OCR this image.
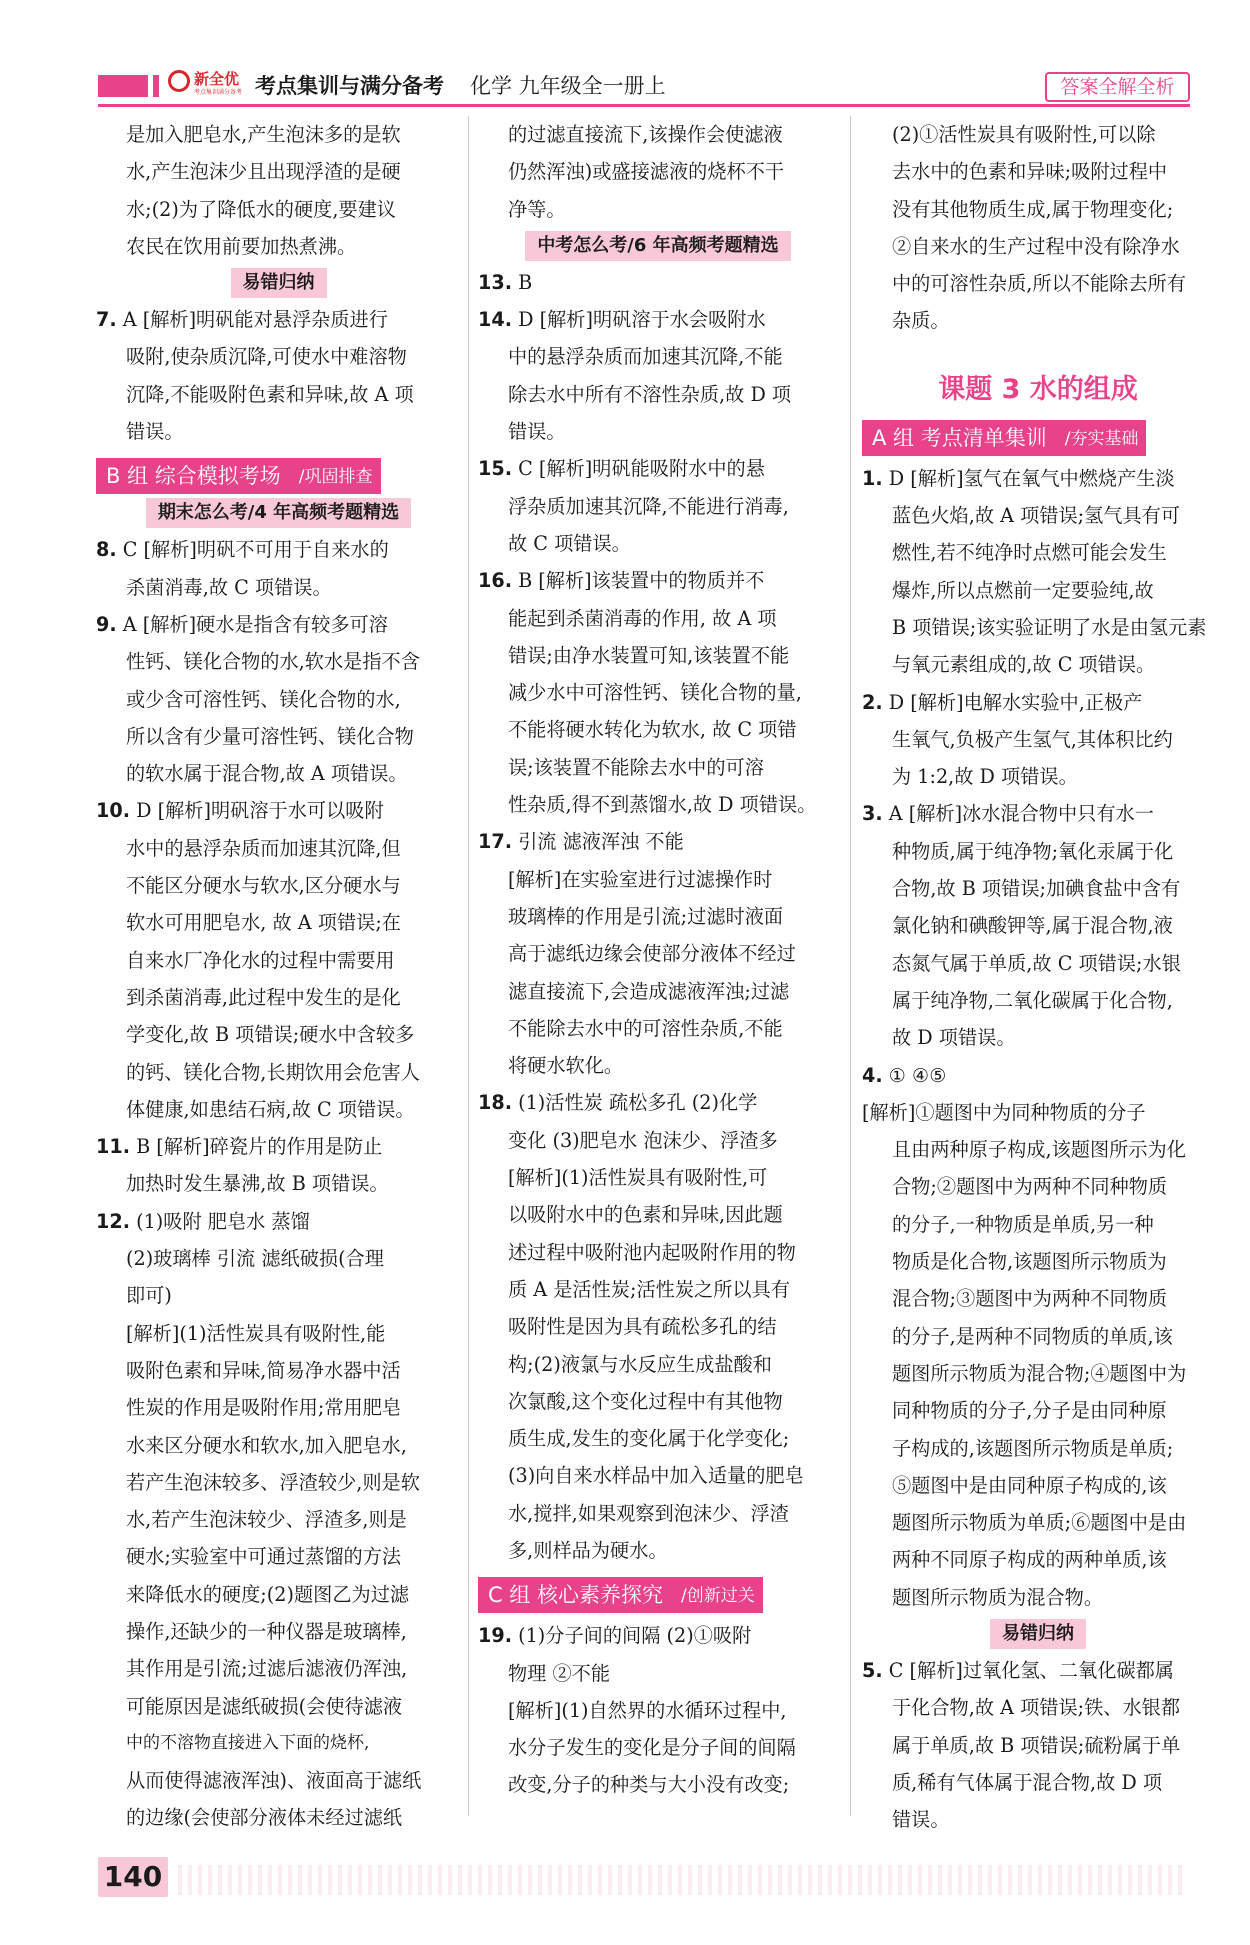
新全优
考点集训满分备考 考点集训与满分备考 化学 九年级全一册上	答案全解全析

是加入肥皂水,产生泡沫多的是软

水,产生泡沫少且出现浮渣的是硬

水;(2)为了降低水的硬度,要建议

农民在饮用前要加热煮沸。

易错归纳

7. A [解析]明矾能对悬浮杂质进行

吸附,使杂质沉降,可使水中难溶物

沉降,不能吸附色素和异味,故 A 项

错误。

B 组 综合模拟考场	/巩固排查
期末怎么考/4 年高频考题精选

8. C [解析]明矾不可用于自来水的

杀菌消毒,故 C 项错误。

9. A [解析]硬水是指含有较多可溶

性钙、镁化合物的水,软水是指不含

或少含可溶性钙、镁化合物的水,

所以含有少量可溶性钙、镁化合物

的软水属于混合物,故 A 项错误。

10. D [解析]明矾溶于水可以吸附

水中的悬浮杂质而加速其沉降,但

不能区分硬水与软水,区分硬水与

软水可用肥皂水, 故 A 项错误;在

自来水厂净化水的过程中需要用

到杀菌消毒,此过程中发生的是化

学变化,故 B 项错误;硬水中含较多

的钙、镁化合物,长期饮用会危害人

体健康,如患结石病,故 C 项错误。

11. B [解析]碎瓷片的作用是防止

加热时发生暴沸,故 B 项错误。

12. (1)吸附 肥皂水 蒸馏

(2)玻璃棒 引流 滤纸破损(合理

即可)

[解析](1)活性炭具有吸附性,能

吸附色素和异味,简易净水器中活

性炭的作用是吸附作用;常用肥皂

水来区分硬水和软水,加入肥皂水,

若产生泡沫较多、浮渣较少,则是软

水,若产生泡沫较少、浮渣多,则是

硬水;实验室中可通过蒸馏的方法

来降低水的硬度;(2)题图乙为过滤

操作,还缺少的一种仪器是玻璃棒,

其作用是引流;过滤后滤液仍浑浊,

可能原因是滤纸破损(会使待滤液

中的不溶物直接进入下面的烧杯,

从而使得滤液浑浊)、液面高于滤纸

的边缘(会使部分液体未经过滤纸

的过滤直接流下,该操作会使滤液

仍然浑浊)或盛接滤液的烧杯不干

净等。

中考怎么考/6 年高频考题精选

13. B

14. D [解析]明矾溶于水会吸附水

中的悬浮杂质而加速其沉降,不能

除去水中所有不溶性杂质,故 D 项

错误。

15. C [解析]明矾能吸附水中的悬

浮杂质加速其沉降,不能进行消毒,

故 C 项错误。

16. B [解析]该装置中的物质并不

能起到杀菌消毒的作用, 故 A 项

错误;由净水装置可知,该装置不能

减少水中可溶性钙、镁化合物的量,

不能将硬水转化为软水, 故 C 项错

误;该装置不能除去水中的可溶

性杂质,得不到蒸馏水,故 D 项错误。

17. 引流 滤液浑浊 不能

[解析]在实验室进行过滤操作时

玻璃棒的作用是引流;过滤时液面

高于滤纸边缘会使部分液体不经过

滤直接流下,会造成滤液浑浊;过滤

不能除去水中的可溶性杂质,不能

将硬水软化。

18. (1)活性炭 疏松多孔 (2)化学

变化 (3)肥皂水 泡沫少、浮渣多

[解析](1)活性炭具有吸附性,可

以吸附水中的色素和异味,因此题

述过程中吸附池内起吸附作用的物

质 A 是活性炭;活性炭之所以具有

吸附性是因为具有疏松多孔的结

构;(2)液氯与水反应生成盐酸和

次氯酸,这个变化过程中有其他物

质生成,发生的变化属于化学变化;

(3)向自来水样品中加入适量的肥皂

水,搅拌,如果观察到泡沫少、浮渣

多,则样品为硬水。

C 组 核心素养探究	/创新过关

19. (1)分子间的间隔 (2)①吸附

物理 ②不能

[解析](1)自然界的水循环过程中,

水分子发生的变化是分子间的间隔

改变,分子的种类与大小没有改变;

(2)①活性炭具有吸附性,可以除

去水中的色素和异味;吸附过程中

没有其他物质生成,属于物理变化;

②自来水的生产过程中没有除净水

中的可溶性杂质,所以不能除去所有

杂质。

课题 3 水的组成
A 组 考点清单集训	/夯实基础

1. D [解析]氢气在氧气中燃烧产生淡

蓝色火焰,故 A 项错误;氢气具有可

燃性,若不纯净时点燃可能会发生

爆炸,所以点燃前一定要验纯,故

B 项错误;该实验证明了水是由氢元素

与氧元素组成的,故 C 项错误。

2. D [解析]电解水实验中,正极产

生氧气,负极产生氢气,其体积比约

为 1:2,故 D 项错误。

3. A [解析]冰水混合物中只有水一

种物质,属于纯净物;氧化汞属于化

合物,故 B 项错误;加碘食盐中含有

氯化钠和碘酸钾等,属于混合物,液

态氮气属于单质,故 C 项错误;水银

属于纯净物,二氧化碳属于化合物,

故 D 项错误。

4. ① ④⑤

[解析]①题图中为同种物质的分子

且由两种原子构成,该题图所示为化

合物;②题图中为两种不同种物质

的分子,一种物质是单质,另一种

物质是化合物,该题图所示物质为

混合物;③题图中为两种不同物质

的分子,是两种不同物质的单质,该

题图所示物质为混合物;④题图中为

同种物质的分子,分子是由同种原

子构成的,该题图所示物质是单质;

⑤题图中是由同种原子构成的,该

题图所示物质为单质;⑥题图中是由

两种不同原子构成的两种单质,该

题图所示物质为混合物。

易错归纳

5. C [解析]过氧化氢、二氧化碳都属

于化合物,故 A 项错误;铁、水银都

属于单质,故 B 项错误;硫粉属于单

质,稀有气体属于混合物,故 D 项

错误。

140
